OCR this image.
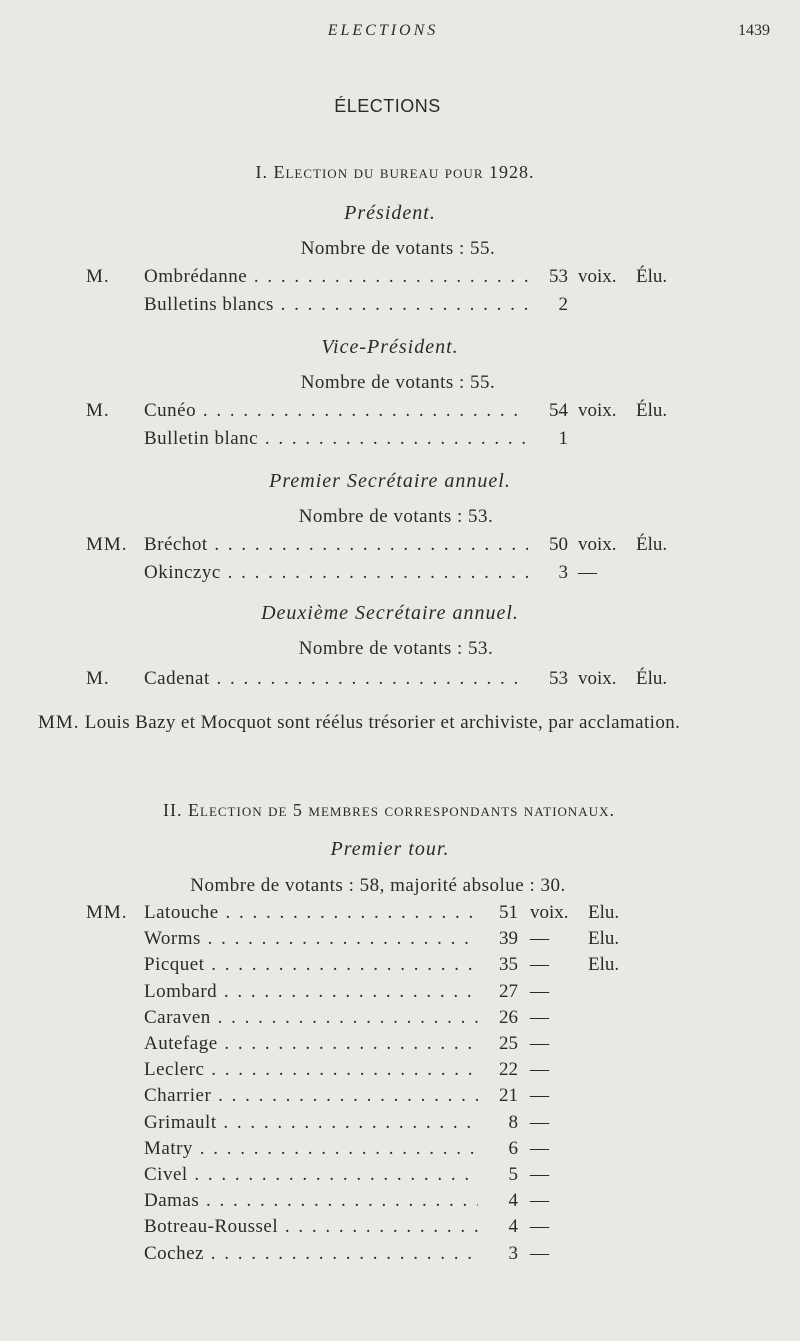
ELECTIONS	1439
ÉLECTIONS
I. Election du bureau pour 1928.
Président.
Nombre de votants : 55.
M. Ombrédanne . . .	53 voix. Élu.
Bulletins blancs . . .	2
Vice-Président.
Nombre de votants : 55.
M. Cunéo . . .	54 voix. Élu.
Bulletin blanc . . .	1
Premier Secrétaire annuel.
Nombre de votants : 53.
MM. Bréchot . . .	50 voix. Élu.
Okinczyc . . .	3 —
Deuxième Secrétaire annuel.
Nombre de votants : 53.
M. Cadenat . . .	53 voix. Élu.
MM. Louis Bazy et Mocquot sont réélus trésorier et archiviste, par acclamation.
II. Election de 5 membres correspondants nationaux.
Premier tour.
Nombre de votants : 58, majorité absolue : 30.
MM. Latouche . . .	51 voix. Elu.
Worms . . .	39 — Elu.
Picquet . . .	35 — Elu.
Lombard . . .	27 —
Caraven . . .	26 —
Autefage . . .	25 —
Leclerc . . .	22 —
Charrier . . .	21 —
Grimault . . .	8 —
Matry . . .	6 —
Civel . . .	5 —
Damas . . .	4 —
Botreau-Roussel . . .	4 —
Cochez . . .	3 —
